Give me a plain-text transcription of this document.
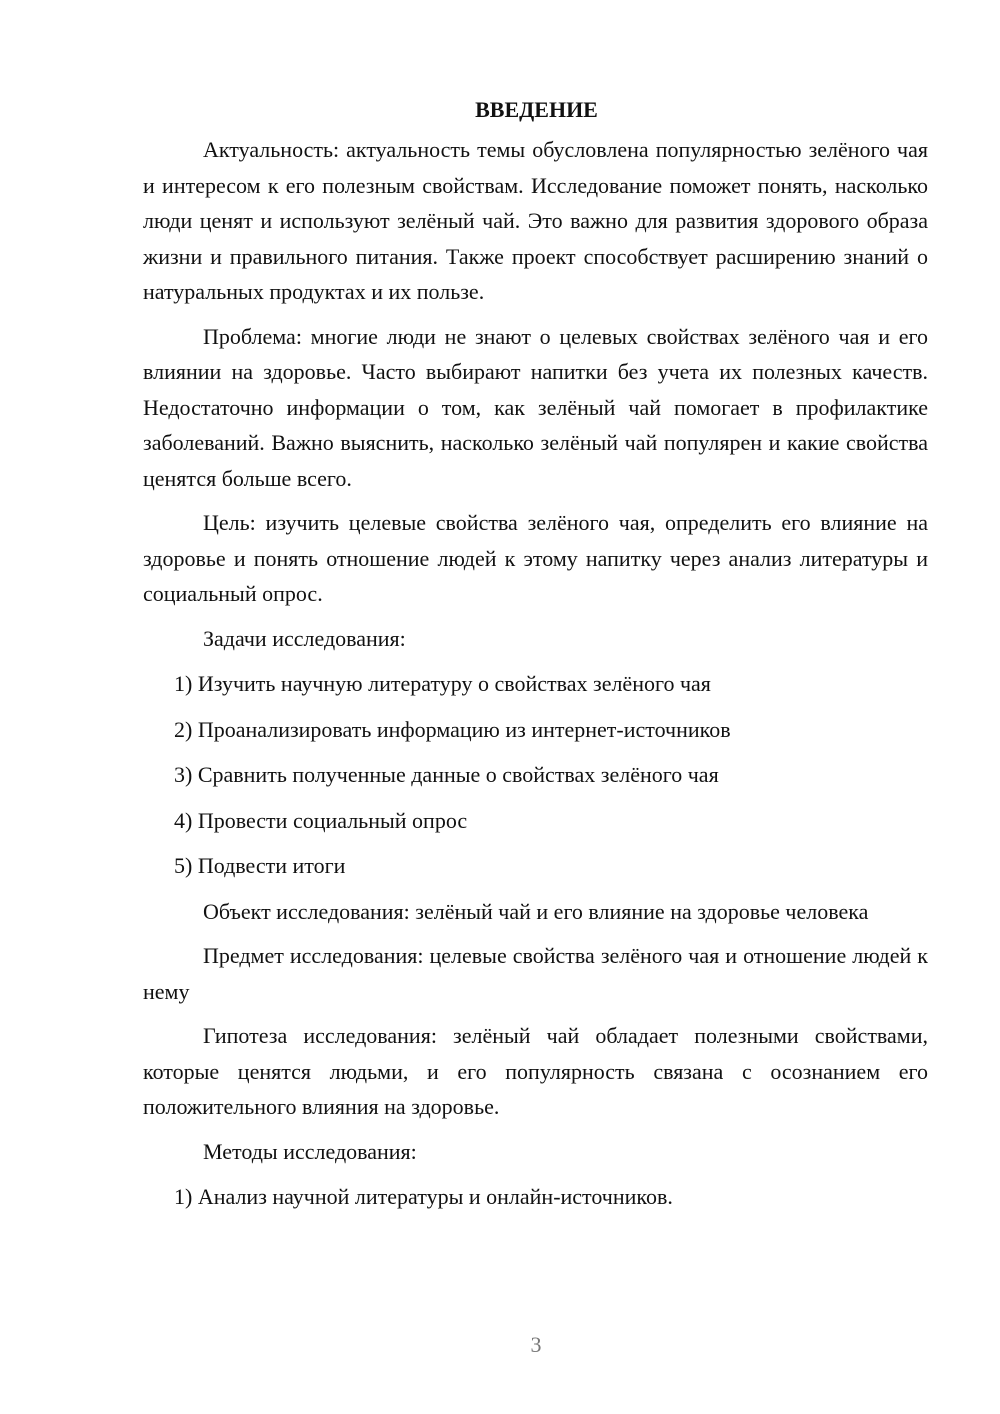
ВВЕДЕНИЕ

Актуальность: актуальность темы обусловлена популярностью зелёного чая и интересом к его полезным свойствам. Исследование поможет понять, насколько люди ценят и используют зелёный чай. Это важно для развития здорового образа жизни и правильного питания. Также проект способствует расширению знаний о натуральных продуктах и их пользе.

Проблема: многие люди не знают о целевых свойствах зелёного чая и его влиянии на здоровье. Часто выбирают напитки без учета их полезных качеств. Недостаточно информации о том, как зелёный чай помогает в профилактике заболеваний. Важно выяснить, насколько зелёный чай популярен и какие свойства ценятся больше всего.

Цель: изучить целевые свойства зелёного чая, определить его влияние на здоровье и понять отношение людей к этому напитку через анализ литературы и социальный опрос.

Задачи исследования:
1) Изучить научную литературу о свойствах зелёного чая
2) Проанализировать информацию из интернет-источников
3) Сравнить полученные данные о свойствах зелёного чая
4) Провести социальный опрос
5) Подвести итоги

Объект исследования: зелёный чай и его влияние на здоровье человека

Предмет исследования: целевые свойства зелёного чая и отношение людей к нему

Гипотеза исследования: зелёный чай обладает полезными свойствами, которые ценятся людьми, и его популярность связана с осознанием его положительного влияния на здоровье.

Методы исследования:
1) Анализ научной литературы и онлайн-источников.
3
